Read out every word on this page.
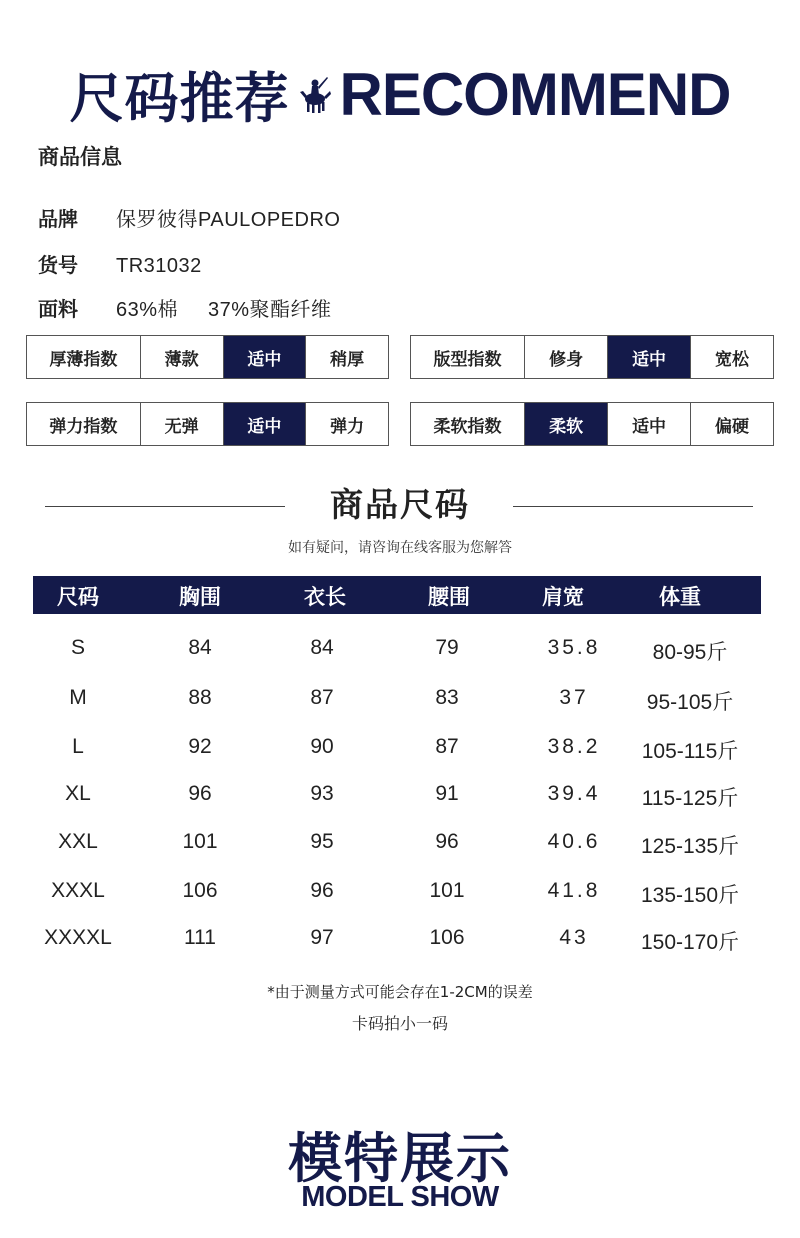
尺码推荐 RECOMMEND
商品信息
品牌	保罗彼得PAULOPEDRO
货号	TR31032
面料	63%棉 37%聚酯纤维
厚薄指数	薄款	适中	稍厚	版型指数	修身	适中	宽松
弹力指数	无弹	适中	弹力	柔软指数	柔软	适中	偏硬
商品尺码
如有疑问，请咨询在线客服为您解答
尺码	胸围	衣长	腰围	肩宽	体重
S	84	84	79	35.8 80-95斤
M	88	87	83	37	95-105斤
L	92	90	87	38.2 105-115斤
XL	96	93	91	39.4 115-125斤
XXL	101	95	96	40.6 125-135斤
XXXL	106	96	101	41.8 135-150斤
XXXXL	111	97	106	43 150-170斤
*由于测量方式可能会存在1-2CM的误差
卡码拍小一码
模特展示
MODEL SHOW
